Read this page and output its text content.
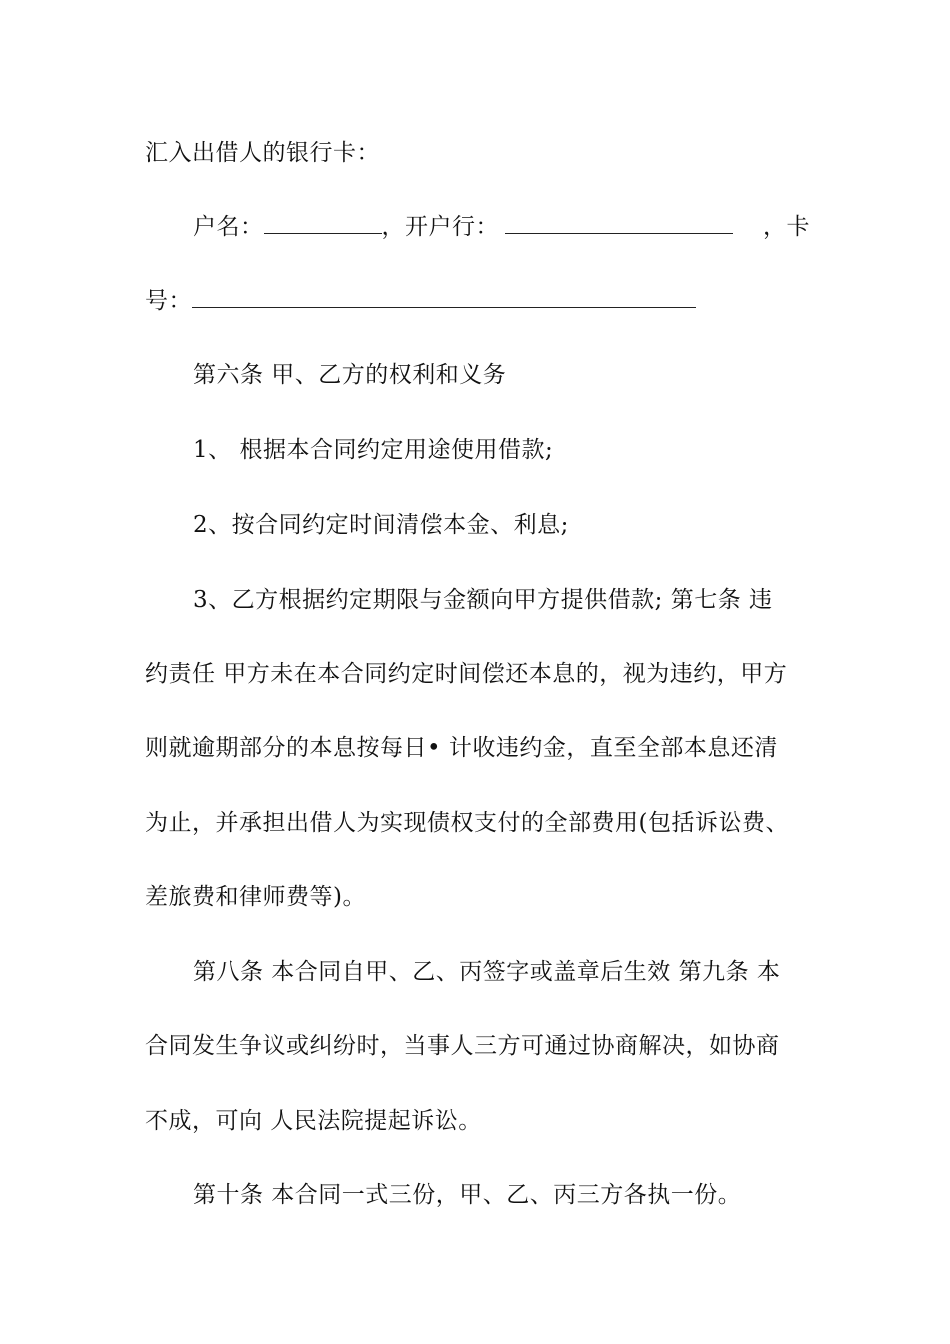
汇入出借人的银行卡：
户名：	，开户行：	，卡
号：
第六条 甲、乙方的权利和义务
1、 根据本合同约定用途使用借款;
2、按合同约定时间清偿本金、利息;
3、乙方根据约定期限与金额向甲方提供借款; 第七条 违
约责任 甲方未在本合同约定时间偿还本息的，视为违约，甲方
则就逾期部分的本息按每日• 计收违约金，直至全部本息还清
为止，并承担出借人为实现债权支付的全部费用(包括诉讼费、
差旅费和律师费等)。
第八条 本合同自甲、乙、丙签字或盖章后生效 第九条 本
合同发生争议或纠纷时，当事人三方可通过协商解决，如协商
不成，可向 人民法院提起诉讼。
第十条 本合同一式三份，甲、乙、丙三方各执一份。
